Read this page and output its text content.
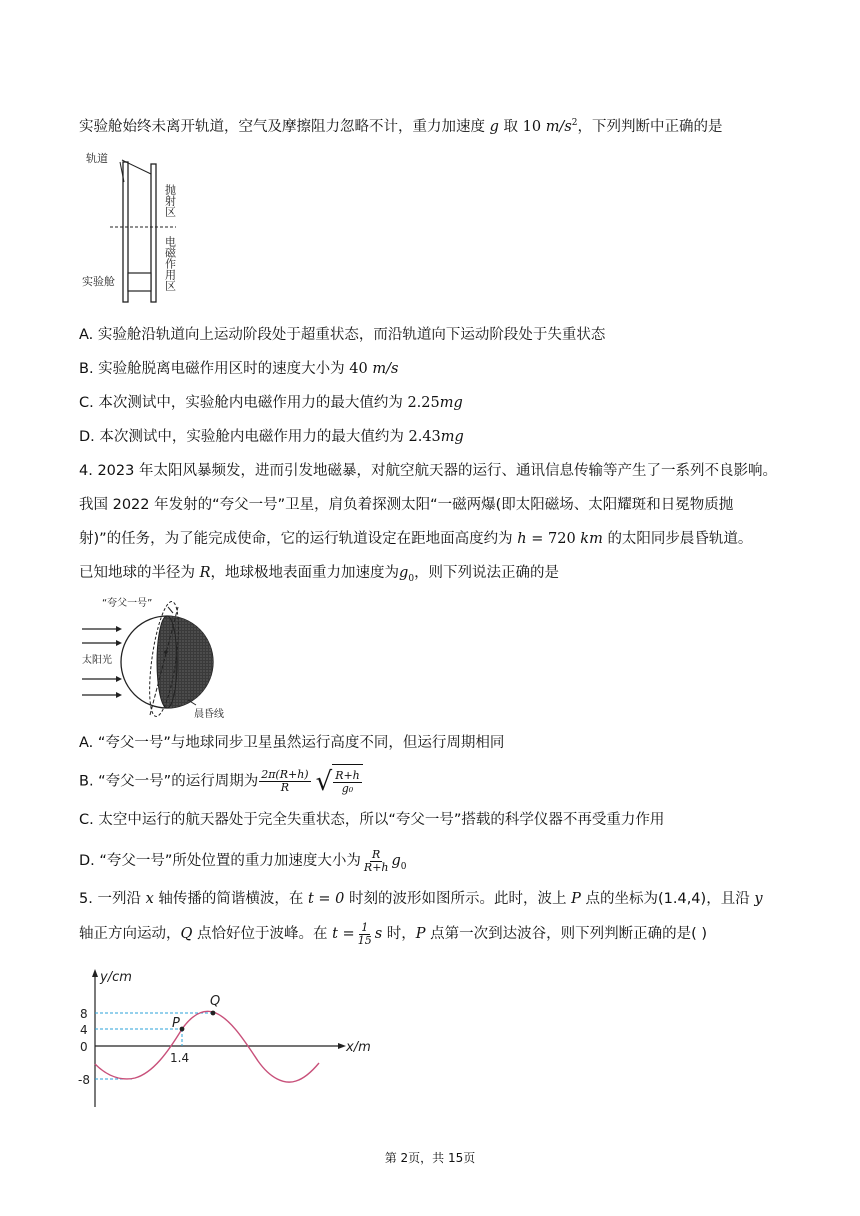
实验舱始终未离开轨道，空气及摩擦阻力忽略不计，重力加速度 g 取 10 $m/s^2$，下列判断中正确的是
轨道
抛射区
电磁作用区
实验舱
A. 实验舱沿轨道向上运动阶段处于超重状态，而沿轨道向下运动阶段处于失重状态
B. 实验舱脱离电磁作用区时的速度大小为 40 m/s
C. 本次测试中，实验舱内电磁作用力的最大值约为 2.25mg
D. 本次测试中，实验舱内电磁作用力的最大值约为 2.43mg
4. 2023 年太阳风暴频发，进而引发地磁暴，对航空航天器的运行、通讯信息传输等产生了一系列不良影响。
我国 2022 年发射的“夸父一号”卫星，肩负着探测太阳“一磁两爆(即太阳磁场、太阳耀斑和日冕物质抛
射)”的任务，为了能完成使命，它的运行轨道设定在距地面高度约为 h = 720 km 的太阳同步晨昏轨道。
已知地球的半径为 R，地球极地表面重力加速度为$g_0$，则下列说法正确的是
“夸父一号”
太阳光
晨昏线
A. “夸父一号”与地球同步卫星虽然运行高度不同，但运行周期相同
B. “夸父一号”的运行周期为 $\frac{2\pi(R+h)}{R}$ √ $\frac{R+h}{\text{g₀}}$
C. 太空中运行的航天器处于完全失重状态，所以“夸父一号”搭载的科学仪器不再受重力作用
D. “夸父一号”所处位置的重力加速度大小为 $\frac{R}{R+h} g_0$
5. 一列沿 x 轴传播的简谐横波，在 t = 0 时刻的波形如图所示。此时，波上 P 点的坐标为(1.4,4)，且沿 y
轴正方向运动，Q 点恰好位于波峰。在 $t = \frac{1}{15}$ s 时，P 点第一次到达波谷，则下列判断正确的是( )
y/cm
x/m
8
4
0
-8
1.4
P
Q
第 2页，共 15页
